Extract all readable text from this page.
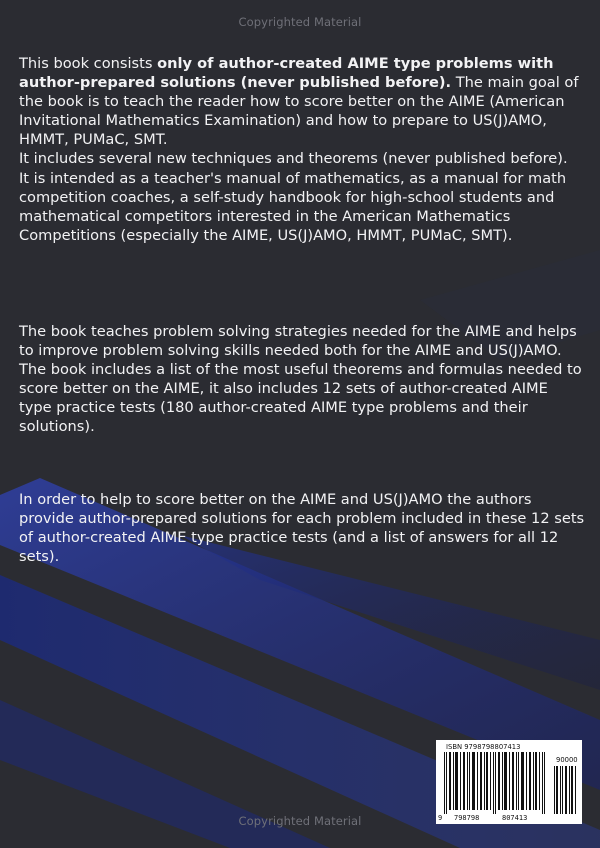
Copyrighted Material

This book consists only of author-created AIME type problems with author-prepared solutions (never published before). The main goal of the book is to teach the reader how to score better on the AIME (American Invitational Mathematics Examination) and how to prepare to US(J)AMO, HMMT, PUMaC, SMT.

It includes several new techniques and theorems (never published before).

It is intended as a teacher's manual of mathematics, as a manual for math competition coaches, a self-study handbook for high-school students and mathematical competitors interested in the American Mathematics Competitions (especially the AIME, US(J)AMO, HMMT, PUMaC, SMT).

The book teaches problem solving strategies needed for the AIME and helps to improve problem solving skills needed both for the AIME and US(J)AMO. The book includes a list of the most useful theorems and formulas needed to score better on the AIME, it also includes 12 sets of author-created AIME type practice tests (180 author-created AIME type problems and their solutions).

In order to help to score better on the AIME and US(J)AMO the authors provide author-prepared solutions for each problem included in these 12 sets of author-created AIME type practice tests (and a list of answers for all 12 sets).

ISBN 9798798807413
90000
9 798798	807413
Copyrighted Material
